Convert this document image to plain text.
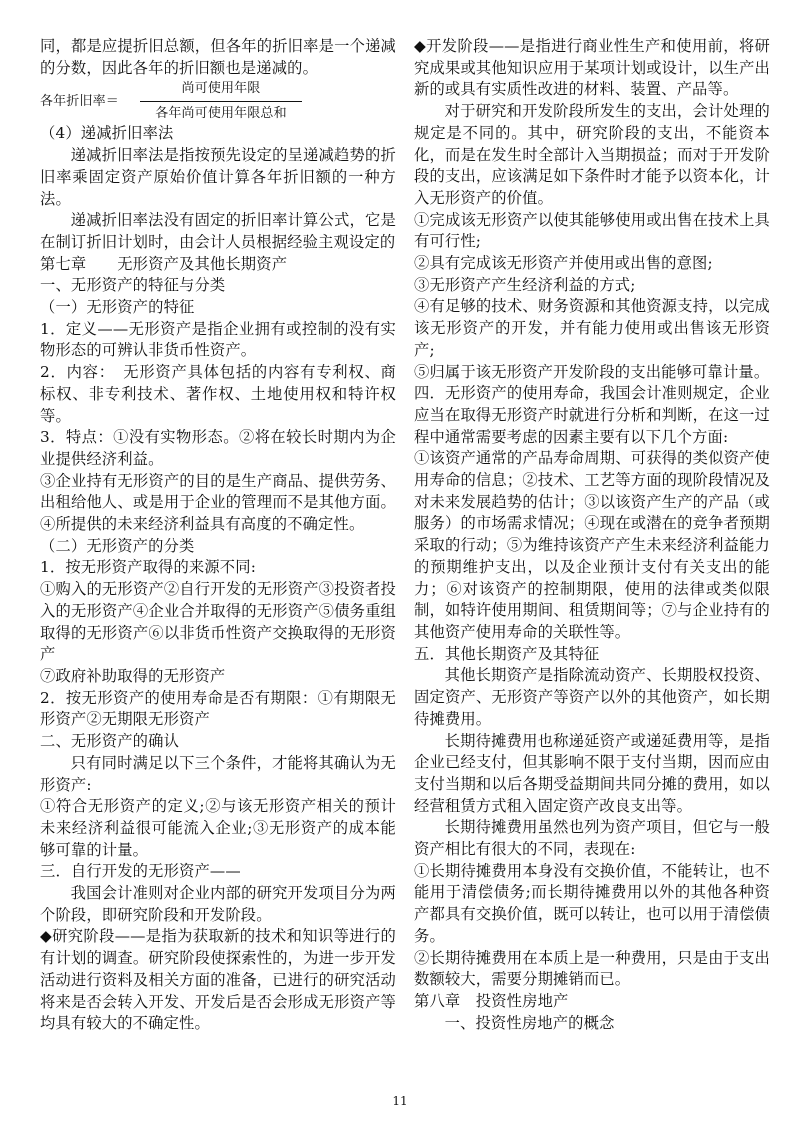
同，都是应提折旧总额，但各年的折旧率是一个递减的分数，因此各年的折旧额也是递减的。

各年折旧率＝	$\frac{\text{尚可使用年限}}{\text{各年尚可使用年限总和}}$

（4）递减折旧率法

递减折旧率法是指按预先设定的呈递减趋势的折旧率乘固定资产原始价值计算各年折旧额的一种方法。

递减折旧率法没有固定的折旧率计算公式，它是在制订折旧计划时，由会计人员根据经验主观设定的

第七章　　无形资产及其他长期资产

一、无形资产的特征与分类

（一）无形资产的特征

1．定义——无形资产是指企业拥有或控制的没有实物形态的可辨认非货币性资产。

2．内容：　无形资产具体包括的内容有专利权、商标权、非专利技术、著作权、土地使用权和特许权等。

3．特点：①没有实物形态。②将在较长时期内为企业提供经济利益。

③企业持有无形资产的目的是生产商品、提供劳务、出租给他人、或是用于企业的管理而不是其他方面。④所提供的未来经济利益具有高度的不确定性。

（二）无形资产的分类

1．按无形资产取得的来源不同:

①购入的无形资产②自行开发的无形资产③投资者投入的无形资产④企业合并取得的无形资产⑤债务重组取得的无形资产⑥以非货币性资产交换取得的无形资产

⑦政府补助取得的无形资产

2．按无形资产的使用寿命是否有期限：①有期限无形资产②无期限无形资产

二、无形资产的确认

只有同时满足以下三个条件，才能将其确认为无形资产:

①符合无形资产的定义;②与该无形资产相关的预计未来经济利益很可能流入企业;③无形资产的成本能够可靠的计量。

三．自行开发的无形资产——

我国会计准则对企业内部的研究开发项目分为两个阶段，即研究阶段和开发阶段。

◆研究阶段——是指为获取新的技术和知识等进行的有计划的调查。研究阶段使探索性的，为进一步开发活动进行资料及相关方面的准备，已进行的研究活动将来是否会转入开发、开发后是否会形成无形资产等均具有较大的不确定性。

◆开发阶段——是指进行商业性生产和使用前，将研究成果或其他知识应用于某项计划或设计，以生产出新的或具有实质性改进的材料、装置、产品等。

对于研究和开发阶段所发生的支出，会计处理的规定是不同的。其中，研究阶段的支出，不能资本化，而是在发生时全部计入当期损益；而对于开发阶段的支出，应该满足如下条件时才能予以资本化，计入无形资产的价值。

①完成该无形资产以使其能够使用或出售在技术上具有可行性;

②具有完成该无形资产并使用或出售的意图;

③无形资产产生经济利益的方式;

④有足够的技术、财务资源和其他资源支持，以完成该无形资产的开发，并有能力使用或出售该无形资产;

⑤归属于该无形资产开发阶段的支出能够可靠计量。

四．无形资产的使用寿命，我国会计准则规定，企业应当在取得无形资产时就进行分析和判断，在这一过程中通常需要考虑的因素主要有以下几个方面:

①该资产通常的产品寿命周期、可获得的类似资产使用寿命的信息；②技术、工艺等方面的现阶段情况及对未来发展趋势的估计；③以该资产生产的产品（或服务）的市场需求情况；④现在或潜在的竞争者预期采取的行动；⑤为维持该资产产生未来经济利益能力的预期维护支出，以及企业预计支付有关支出的能力；⑥对该资产的控制期限，使用的法律或类似限制，如特许使用期间、租赁期间等；⑦与企业持有的其他资产使用寿命的关联性等。

五．其他长期资产及其特征

其他长期资产是指除流动资产、长期股权投资、固定资产、无形资产等资产以外的其他资产，如长期待摊费用。

长期待摊费用也称递延资产或递延费用等，是指企业已经支付，但其影响不限于支付当期，因而应由支付当期和以后各期受益期间共同分摊的费用，如以经营租赁方式租入固定资产改良支出等。

长期待摊费用虽然也列为资产项目，但它与一般资产相比有很大的不同，表现在:

①长期待摊费用本身没有交换价值，不能转让，也不能用于清偿债务;而长期待摊费用以外的其他各种资产都具有交换价值，既可以转让，也可以用于清偿债务。

②长期待摊费用在本质上是一种费用，只是由于支出数额较大，需要分期摊销而已。

第八章　投资性房地产

一、投资性房地产的概念

11
